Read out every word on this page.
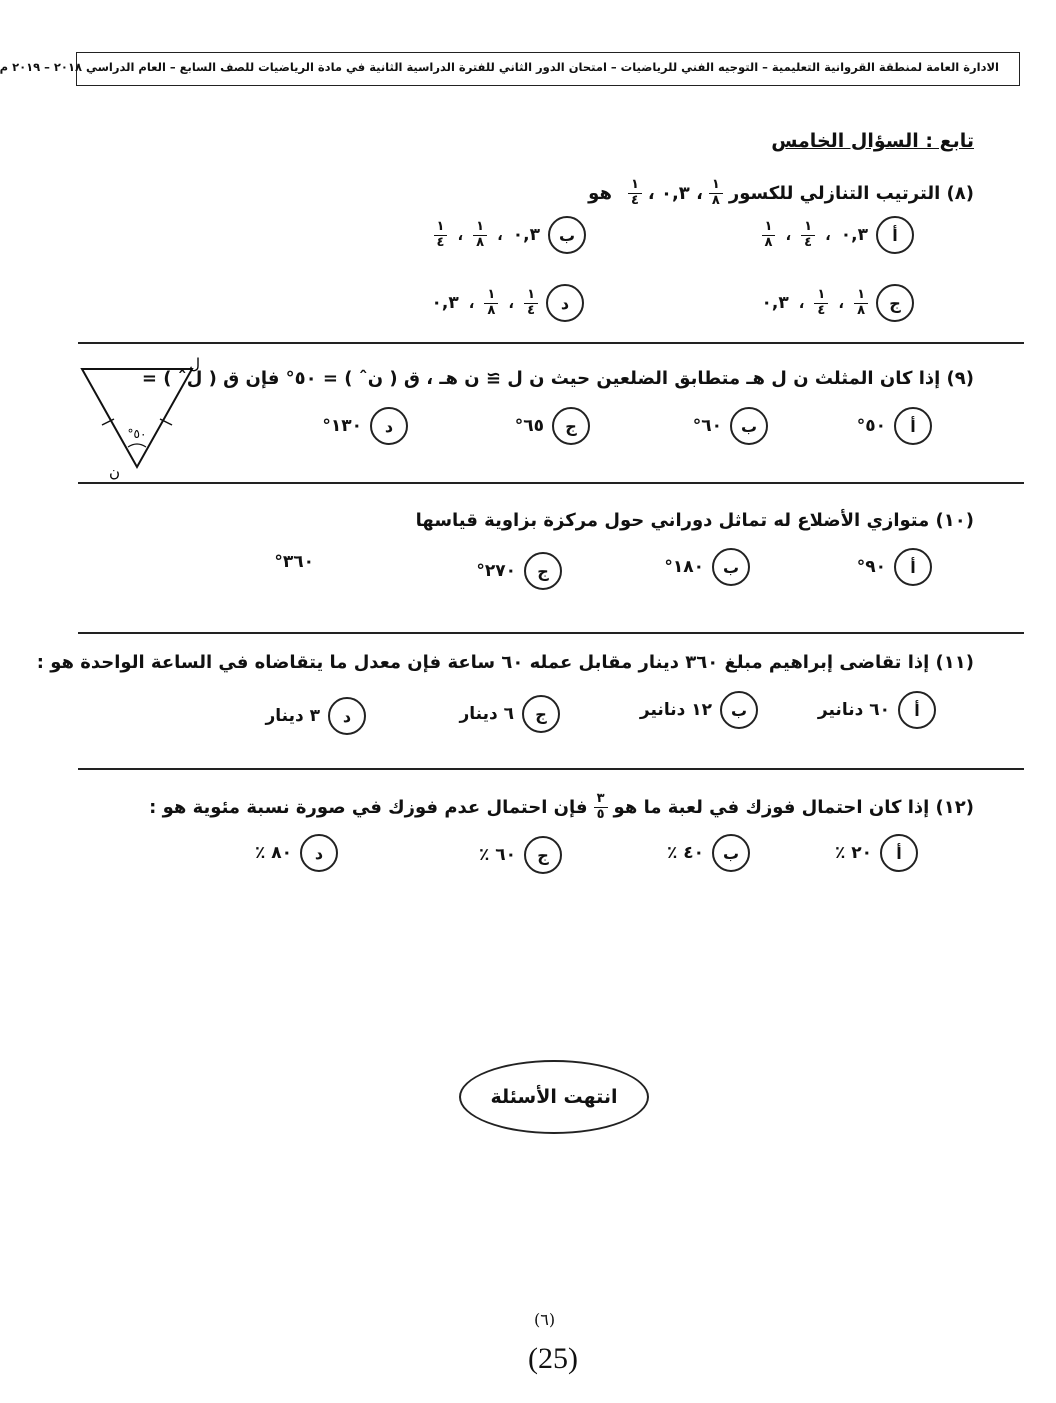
الادارة العامة لمنطقة القروانية التعليمية – التوجيه الفني للرياضيات – امتحان الدور الثاني للفترة الدراسية الثانية في مادة الرياضيات للصف السابع – العام الدراسي ٢٠١٨ – ٢٠١٩ م
تابع : السؤال الخامس
(٨) الترتيب التنازلي للكسور
$\frac{١}{٨}$
، ٠,٣ ،
$\frac{١}{٤}$
هو
أ
٠,٣
،
$\frac{١}{٤}$
،
$\frac{١}{٨}$
ب
٠,٣
،
$\frac{١}{٨}$
،
$\frac{١}{٤}$
ج
$\frac{١}{٨}$
،
$\frac{١}{٤}$
،
٠,٣
د
$\frac{١}{٤}$
،
$\frac{١}{٨}$
،
٠,٣
(٩) إذا كان المثلث ن ل هـ متطابق الضلعين حيث ن ل ≅ ن هـ ، ق ( نˆ ) = ٥٠° فإن ق ( لˆ ) =
أ
٥٠°
ب
٦٠°
ج
٦٥°
د
١٣٠°
٥٠°
ل
ن
(١٠) متوازي الأضلاع له تماثل دوراني حول مركزة بزاوية قياسها
أ
٩٠°
ب
١٨٠°
ج
٢٧٠°
٣٦٠°
(١١) إذا تقاضى إبراهيم مبلغ ٣٦٠ دينار مقابل عمله ٦٠ ساعة فإن معدل ما يتقاضاه في الساعة الواحدة هو :
أ
٦٠ دنانير
ب
١٢ دنانير
ج
٦ دينار
د
٣ دينار
(١٢) إذا كان احتمال فوزك في لعبة ما هو
$\frac{٣}{٥}$
فإن احتمال عدم فوزك في صورة نسبة مئوية هو :
أ
٢٠ ٪
ب
٤٠ ٪
ج
٦٠ ٪
د
٨٠ ٪
انتهت الأسئلة
(٦)
(25)
